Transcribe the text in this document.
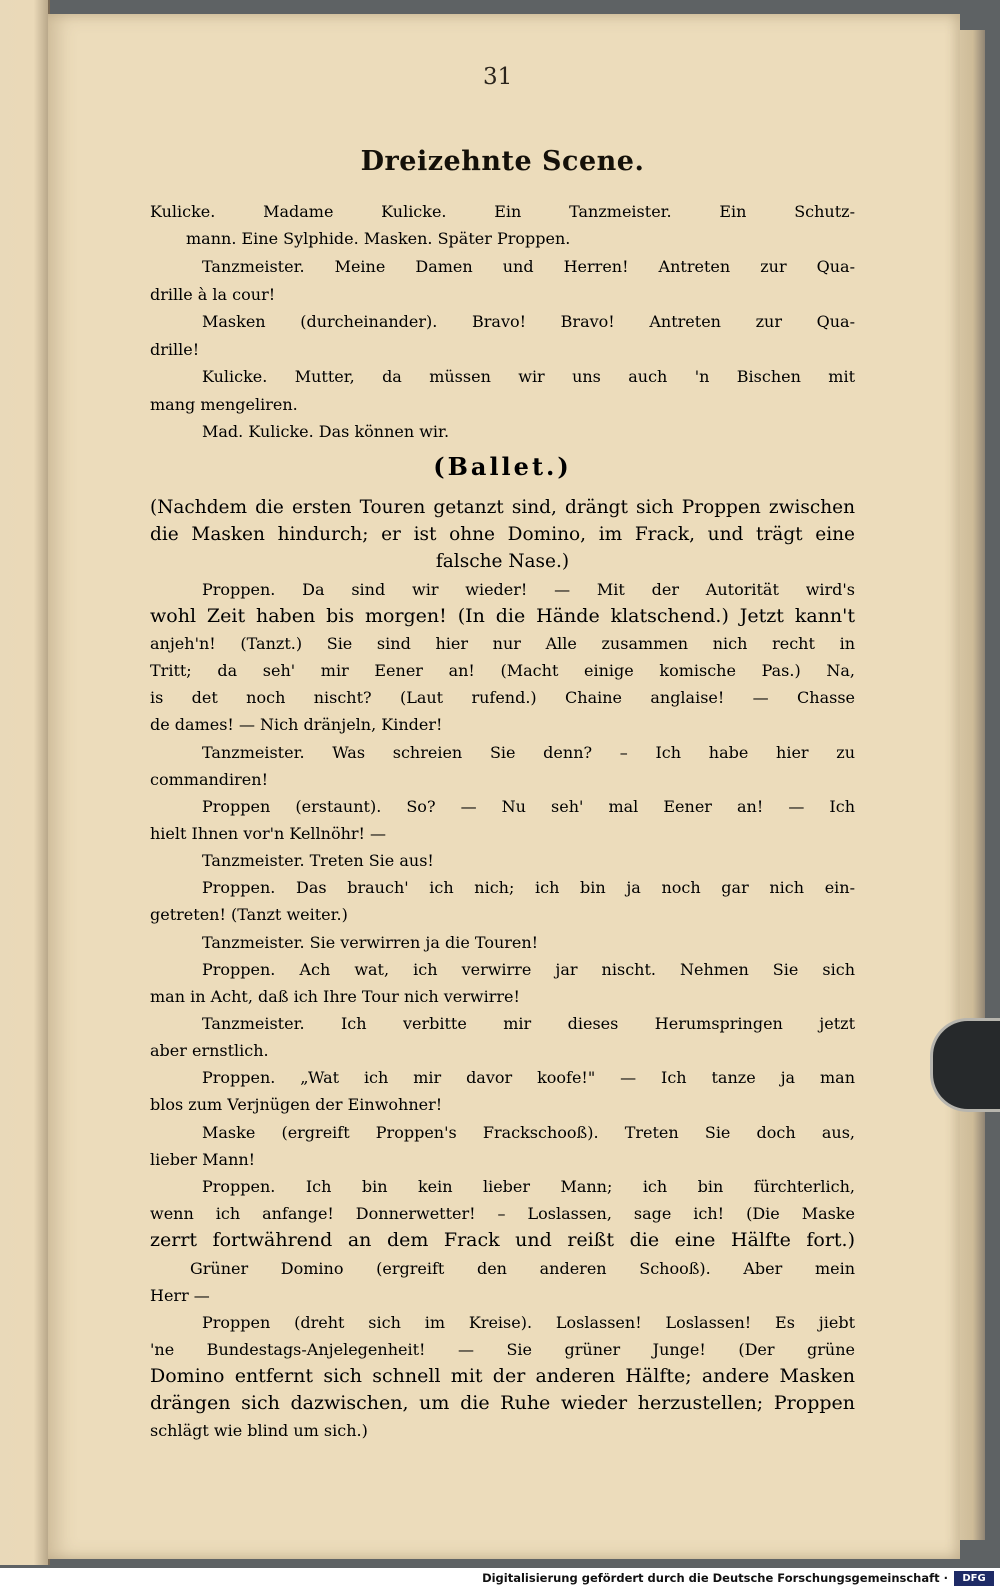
31
Dreizehnte Scene.
Kulicke. Madame Kulicke. Ein Tanzmeister. Ein Schutz-
mann. Eine Sylphide. Masken. Später Proppen.
Tanzmeister. Meine Damen und Herren! Antreten zur Qua-
drille à la cour!
Masken (durcheinander). Bravo! Bravo! Antreten zur Qua-
drille!
Kulicke. Mutter, da müssen wir uns auch 'n Bischen mit
mang mengeliren.
Mad. Kulicke. Das können wir.
(Ballet.)
(Nachdem die ersten Touren getanzt sind, drängt sich Proppen zwischen
die Masken hindurch; er ist ohne Domino, im Frack, und trägt eine
falsche Nase.)
Proppen. Da sind wir wieder! — Mit der Autorität wird's
wohl Zeit haben bis morgen! (In die Hände klatschend.) Jetzt kann't
anjeh'n! (Tanzt.) Sie sind hier nur Alle zusammen nich recht in
Tritt; da seh' mir Eener an! (Macht einige komische Pas.) Na,
is det noch nischt? (Laut rufend.) Chaine anglaise! — Chasse
de dames! — Nich dränjeln, Kinder!
Tanzmeister. Was schreien Sie denn? – Ich habe hier zu
commandiren!
Proppen (erstaunt). So? — Nu seh' mal Eener an! — Ich
hielt Ihnen vor'n Kellnöhr! —
Tanzmeister. Treten Sie aus!
Proppen. Das brauch' ich nich; ich bin ja noch gar nich ein-
getreten! (Tanzt weiter.)
Tanzmeister. Sie verwirren ja die Touren!
Proppen. Ach wat, ich verwirre jar nischt. Nehmen Sie sich
man in Acht, daß ich Ihre Tour nich verwirre!
Tanzmeister. Ich verbitte mir dieses Herumspringen jetzt
aber ernstlich.
Proppen. „Wat ich mir davor koofe!" — Ich tanze ja man
blos zum Verjnügen der Einwohner!
Maske (ergreift Proppen's Frackschooß). Treten Sie doch aus,
lieber Mann!
Proppen. Ich bin kein lieber Mann; ich bin fürchterlich,
wenn ich anfange! Donnerwetter! – Loslassen, sage ich! (Die Maske
zerrt fortwährend an dem Frack und reißt die eine Hälfte fort.)
Grüner Domino (ergreift den anderen Schooß). Aber mein
Herr —
Proppen (dreht sich im Kreise). Loslassen! Loslassen! Es jiebt
'ne Bundestags-Anjelegenheit! — Sie grüner Junge! (Der grüne
Domino entfernt sich schnell mit der anderen Hälfte; andere Masken
drängen sich dazwischen, um die Ruhe wieder herzustellen; Proppen
schlägt wie blind um sich.)
Digitalisierung gefördert durch die Deutsche Forschungsgemeinschaft ·	DFG
